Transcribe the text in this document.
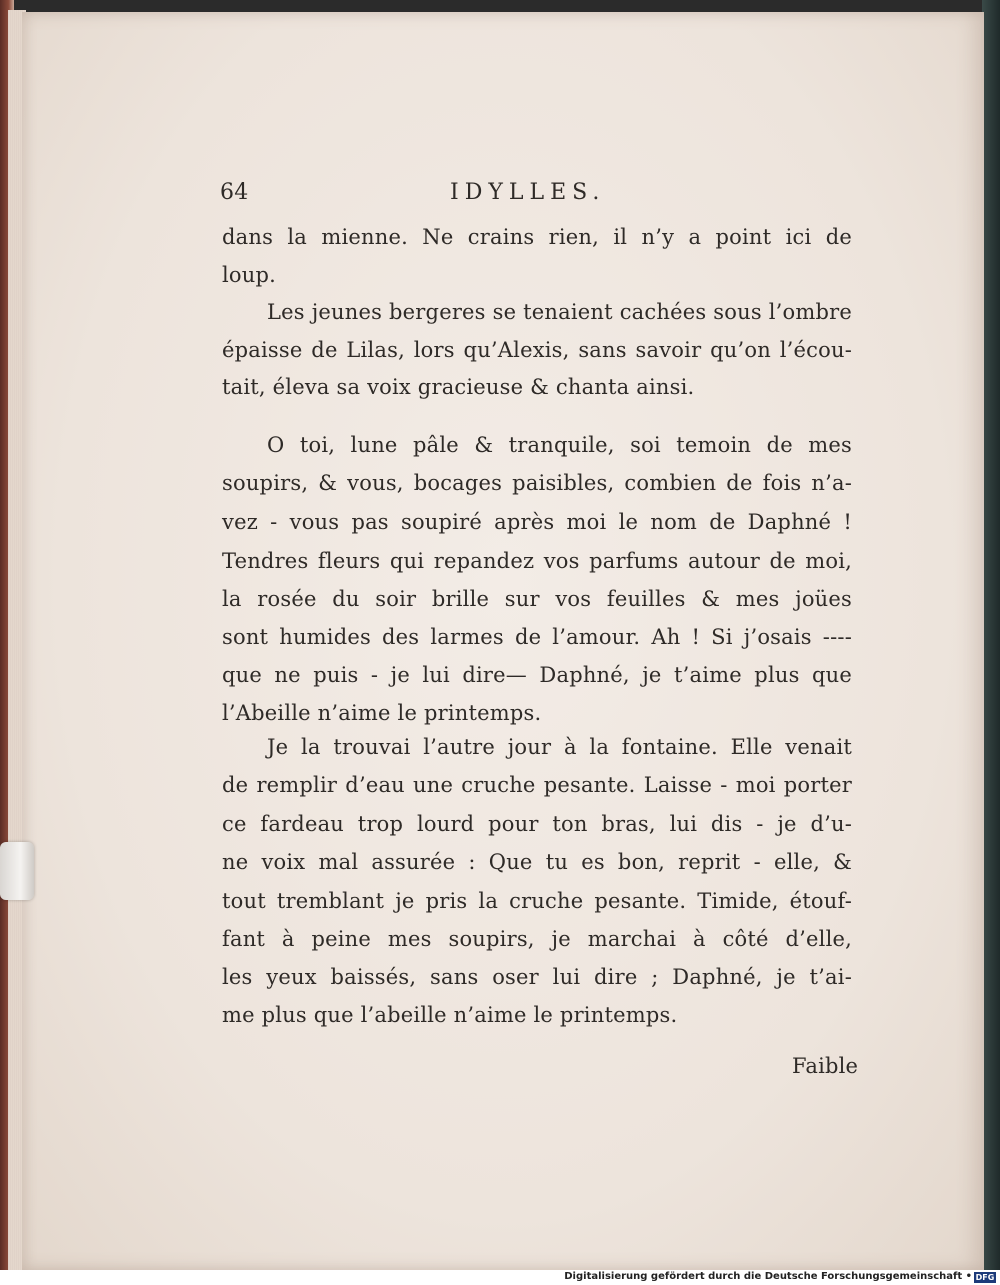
64	IDYLLES.
dans la mienne. Ne crains rien, il n’y a point ici de
loup.
Les jeunes bergeres se tenaient cachées sous l’ombre
épaisse de Lilas, lors qu’Alexis, sans savoir qu’on l’écou-
tait, éleva sa voix gracieuse & chanta ainsi.
O toi, lune pâle & tranquile, soi temoin de mes
soupirs, & vous, bocages paisibles, combien de fois n’a-
vez - vous pas soupiré après moi le nom de Daphné !
Tendres fleurs qui repandez vos parfums autour de moi,
la rosée du soir brille sur vos feuilles & mes joües
sont humides des larmes de l’amour. Ah ! Si j’osais ----
que ne puis - je lui dire— Daphné, je t’aime plus que
l’Abeille n’aime le printemps.
Je la trouvai l’autre jour à la fontaine. Elle venait
de remplir d’eau une cruche pesante. Laisse - moi porter
ce fardeau trop lourd pour ton bras, lui dis - je d’u-
ne voix mal assurée : Que tu es bon, reprit - elle, &
tout tremblant je pris la cruche pesante. Timide, étouf-
fant à peine mes soupirs, je marchai à côté d’elle,
les yeux baissés, sans oser lui dire ; Daphné, je t’ai-
me plus que l’abeille n’aime le printemps.
Faible
Digitalisierung gefördert durch die Deutsche Forschungsgemeinschaft • DFG
